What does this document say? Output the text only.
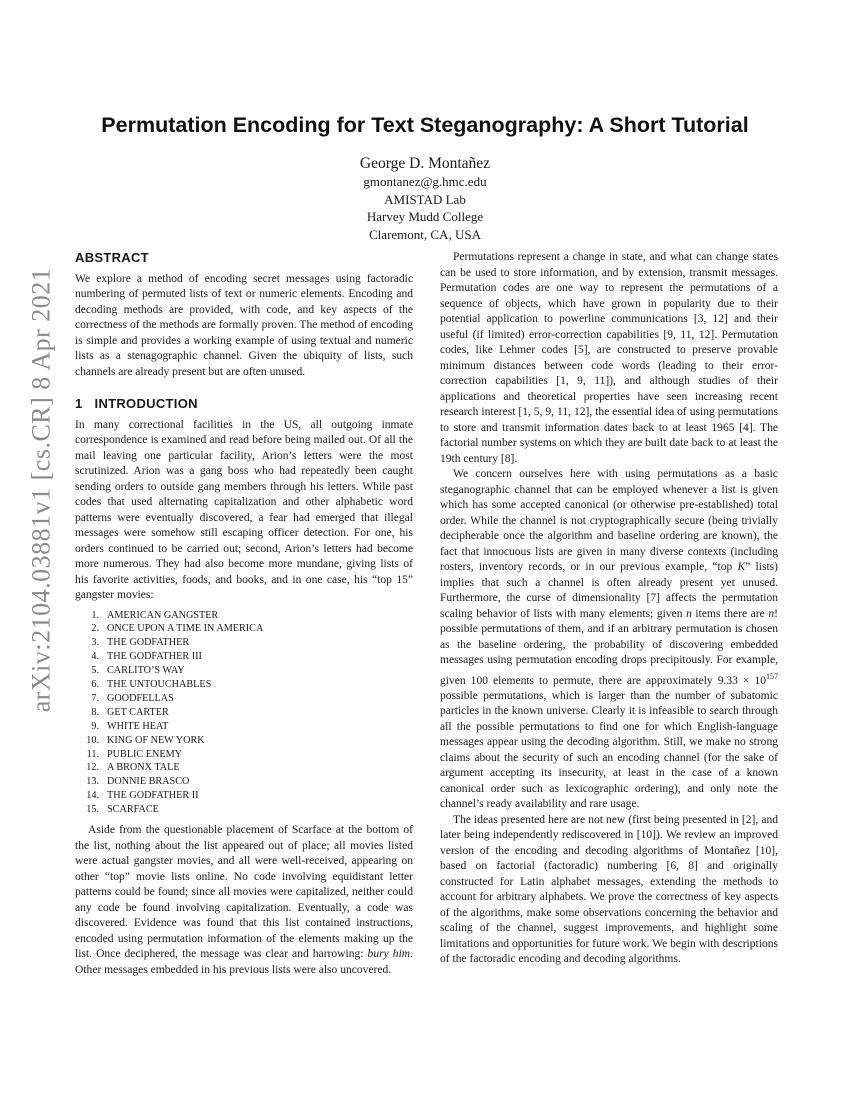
arXiv:2104.03881v1 [cs.CR] 8 Apr 2021
Permutation Encoding for Text Steganography: A Short Tutorial
George D. Montañez
gmontanez@g.hmc.edu
AMISTAD Lab
Harvey Mudd College
Claremont, CA, USA
ABSTRACT

We explore a method of encoding secret messages using factoradic numbering of permuted lists of text or numeric elements. Encoding and decoding methods are provided, with code, and key aspects of the correctness of the methods are formally proven. The method of encoding is simple and provides a working example of using textual and numeric lists as a stenagographic channel. Given the ubiquity of lists, such channels are already present but are often unused.

1 INTRODUCTION

In many correctional facilities in the US, all outgoing inmate correspondence is examined and read before being mailed out. Of all the mail leaving one particular facility, Arion’s letters were the most scrutinized. Arion was a gang boss who had repeatedly been caught sending orders to outside gang members through his letters. While past codes that used alternating capitalization and other alphabetic word patterns were eventually discovered, a fear had emerged that illegal messages were somehow still escaping officer detection. For one, his orders continued to be carried out; second, Arion’s letters had become more numerous. They had also become more mundane, giving lists of his favorite activities, foods, and books, and in one case, his “top 15” gangster movies:

1. AMERICAN GANGSTER
2. ONCE UPON A TIME IN AMERICA
3. THE GODFATHER
4. THE GODFATHER III
5. CARLITO’S WAY
6. THE UNTOUCHABLES
7. GOODFELLAS
8. GET CARTER
9. WHITE HEAT
10. KING OF NEW YORK
11. PUBLIC ENEMY
12. A BRONX TALE
13. DONNIE BRASCO
14. THE GODFATHER II
15. SCARFACE

Aside from the questionable placement of Scarface at the bottom of the list, nothing about the list appeared out of place; all movies listed were actual gangster movies, and all were well-received, appearing on other “top” movie lists online. No code involving equidistant letter patterns could be found; since all movies were capitalized, neither could any code be found involving capitalization. Eventually, a code was discovered. Evidence was found that this list contained instructions, encoded using permutation information of the elements making up the list. Once deciphered, the message was clear and harrowing: bury him. Other messages embedded in his previous lists were also uncovered.

Permutations represent a change in state, and what can change states can be used to store information, and by extension, transmit messages. Permutation codes are one way to represent the permutations of a sequence of objects, which have grown in popularity due to their potential application to powerline communications [3, 12] and their useful (if limited) error-correction capabilities [9, 11, 12]. Permutation codes, like Lehmer codes [5], are constructed to preserve provable minimum distances between code words (leading to their error-correction capabilities [1, 9, 11]), and although studies of their applications and theoretical properties have seen increasing recent research interest [1, 5, 9, 11, 12], the essential idea of using permutations to store and transmit information dates back to at least 1965 [4]. The factorial number systems on which they are built date back to at least the 19th century [8].

We concern ourselves here with using permutations as a basic steganographic channel that can be employed whenever a list is given which has some accepted canonical (or otherwise pre-established) total order. While the channel is not cryptographically secure (being trivially decipherable once the algorithm and baseline ordering are known), the fact that innocuous lists are given in many diverse contexts (including rosters, inventory records, or in our previous example, “top K” lists) implies that such a channel is often already present yet unused. Furthermore, the curse of dimensionality [7] affects the permutation scaling behavior of lists with many elements; given n items there are n! possible permutations of them, and if an arbitrary permutation is chosen as the baseline ordering, the probability of discovering embedded messages using permutation encoding drops precipitously. For example, given 100 elements to permute, there are approximately $9.33 \times 10^{157}$ possible permutations, which is larger than the number of subatomic particles in the known universe. Clearly it is infeasible to search through all the possible permutations to find one for which English-language messages appear using the decoding algorithm. Still, we make no strong claims about the security of such an encoding channel (for the sake of argument accepting its insecurity, at least in the case of a known canonical order such as lexicographic ordering), and only note the channel’s ready availability and rare usage.

The ideas presented here are not new (first being presented in [2], and later being independently rediscovered in [10]). We review an improved version of the encoding and decoding algorithms of Montañez [10], based on factorial (factoradic) numbering [6, 8] and originally constructed for Latin alphabet messages, extending the methods to account for arbitrary alphabets. We prove the correctness of key aspects of the algorithms, make some observations concerning the behavior and scaling of the channel, suggest improvements, and highlight some limitations and opportunities for future work. We begin with descriptions of the factoradic encoding and decoding algorithms.
